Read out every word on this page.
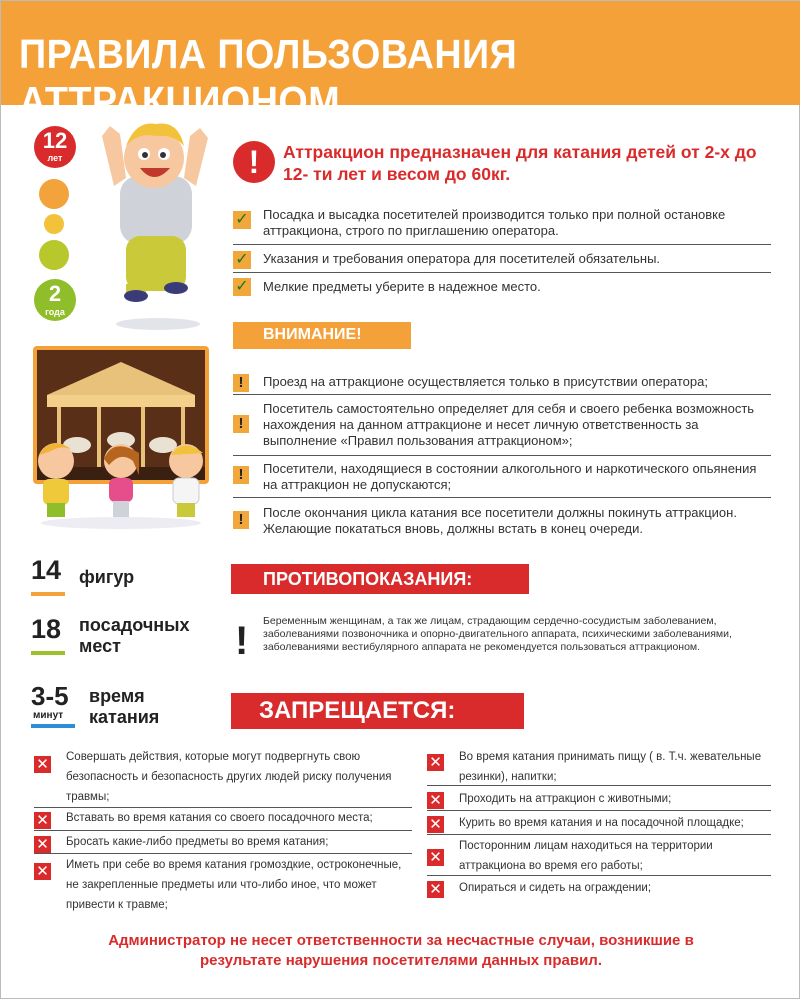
ПРАВИЛА ПОЛЬЗОВАНИЯ АТТРАКЦИОНОМ
12
лет
2
года
!	Аттракцион предназначен для катания детей от 2-х до 12- ти лет и весом до 60кг.
✓ Посадка и высадка посетителей производится только при полной остановке аттракциона, строго по приглашению оператора.
✓ Указания и требования оператора для посетителей обязательны.
✓ Мелкие предметы уберите в надежное место.
ВНИМАНИЕ!
!	Проезд на аттракционе осуществляется только в присутствии оператора;
!
Посетитель самостоятельно определяет для себя и своего ребенка возможность нахождения на данном аттракционе и несет личную ответственность за выполнение «Правил пользования аттракционом»;
!	Посетители, находящиеся в состоянии алкогольного и наркотического опьянения на аттракцион не допускаются;
!	После окончания цикла катания все посетители должны покинуть аттракцион. Желающие покататься вновь, должны встать в конец очереди.
14 фигур
18 посадочных
мест
3-5
минут
время
катания
ПРОТИВОПОКАЗАНИЯ:
! Беременным женщинам, а так же лицам, страдающим сердечно-сосудистым заболеванием, заболеваниями позвоночника и опорно-двигательного аппарата, психическими заболеваниями, заболеваниями вестибулярного аппарата не рекомендуется пользоваться аттракционом.
ЗАПРЕЩАЕТСЯ:
✕ Совершать действия, которые могут подвергнуть свою безопасность и безопасность других людей риску получения травмы;
✕ Вставать во время катания со своего посадочного места;
✕ Бросать какие-либо предметы во время катания;
✕ Иметь при себе во время катания громоздкие, остроконечные, не закрепленные предметы или что-либо иное, что может привести к травме;
✕ Во время катания принимать пищу ( в. Т.ч. жевательные резинки), напитки;
✕ Проходить на аттракцион с животными;
✕ Курить во время катания и на посадочной площадке;
✕
Посторонним лицам находиться на территории аттракциона во время его работы;
✕ Опираться и сидеть на ограждении;
Администратор не несет ответственности за несчастные случаи, возникшие в результате нарушения посетителями данных правил.
